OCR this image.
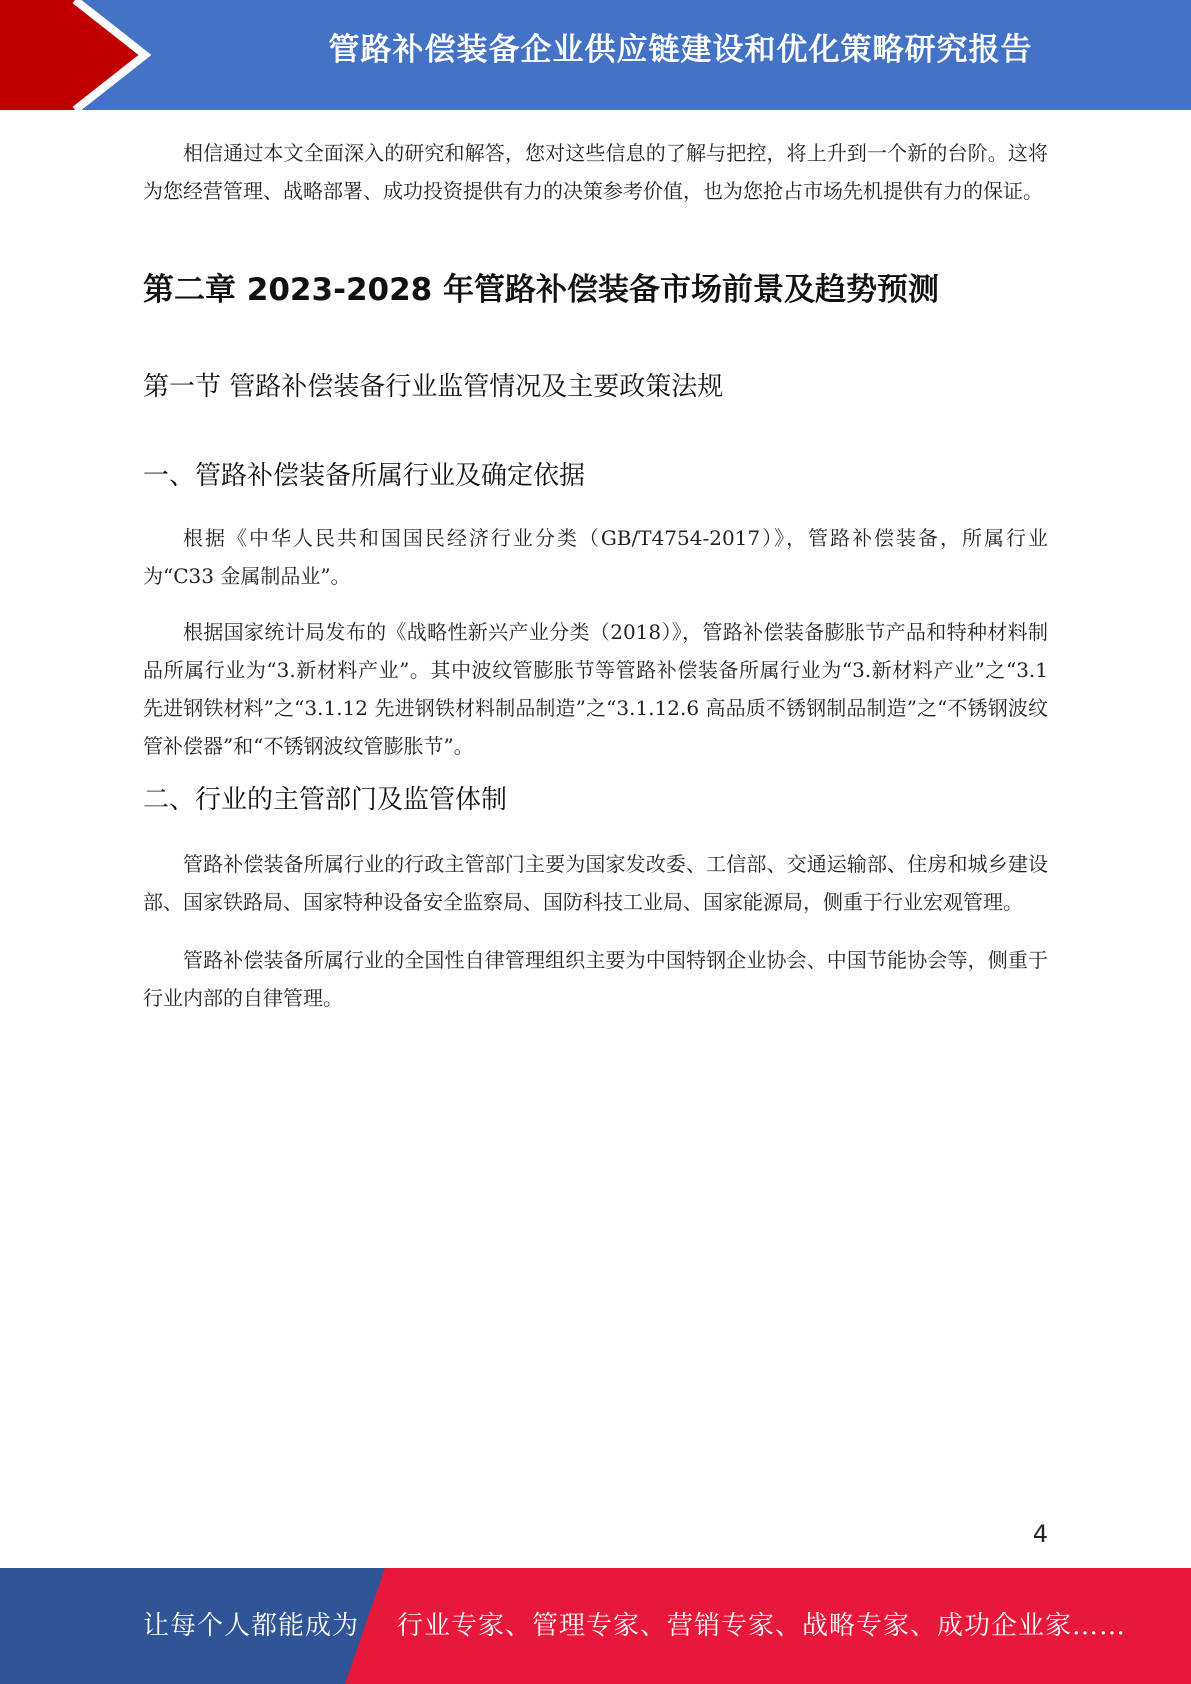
管路补偿装备企业供应链建设和优化策略研究报告

相信通过本文全面深入的研究和解答，您对这些信息的了解与把控，将上升到一个新的台阶。这将为您经营管理、战略部署、成功投资提供有力的决策参考价值，也为您抢占市场先机提供有力的保证。

第二章 2023-2028 年管路补偿装备市场前景及趋势预测
第一节 管路补偿装备行业监管情况及主要政策法规
一、管路补偿装备所属行业及确定依据

根据《中华人民共和国国民经济行业分类（GB/T4754-2017）》，管路补偿装备，所属行业为“C33 金属制品业”。

根据国家统计局发布的《战略性新兴产业分类（2018）》，管路补偿装备膨胀节产品和特种材料制品所属行业为“3.新材料产业”。其中波纹管膨胀节等管路补偿装备所属行业为“3.新材料产业”之“3.1 先进钢铁材料”之“3.1.12 先进钢铁材料制品制造”之“3.1.12.6 高品质不锈钢制品制造”之“不锈钢波纹管补偿器”和“不锈钢波纹管膨胀节”。

二、行业的主管部门及监管体制

管路补偿装备所属行业的行政主管部门主要为国家发改委、工信部、交通运输部、住房和城乡建设部、国家铁路局、国家特种设备安全监察局、国防科技工业局、国家能源局，侧重于行业宏观管理。

管路补偿装备所属行业的全国性自律管理组织主要为中国特钢企业协会、中国节能协会等，侧重于行业内部的自律管理。

4
让每个人都能成为 行业专家、管理专家、营销专家、战略专家、成功企业家……
